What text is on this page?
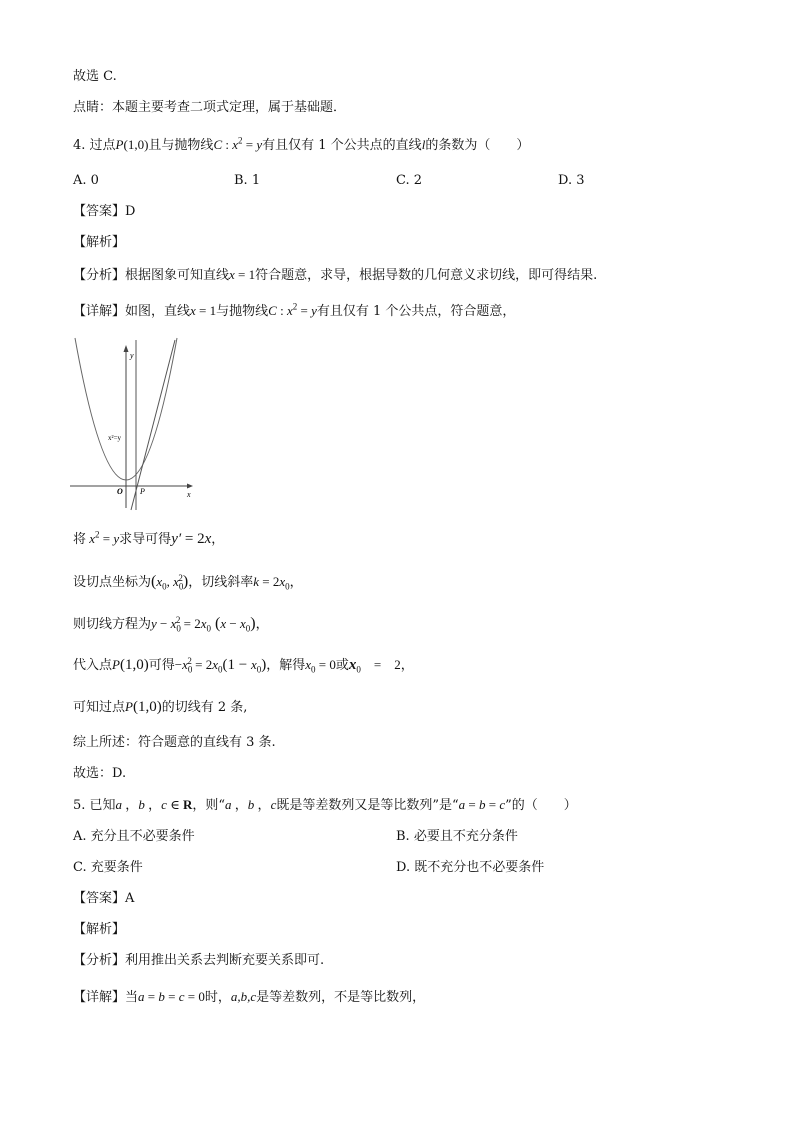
故选 C.
点睛：本题主要考查二项式定理，属于基础题．
4. 过点P(1,0)且与抛物线C : $x^2 = y$有且仅有 1 个公共点的直线l的条数为（　　）
A. 0	B. 1	C. 2	D. 3
【答案】D
【解析】
【分析】根据图象可知直线x = 1符合题意，求导，根据导数的几何意义求切线，即可得结果.
【详解】如图，直线x = 1与抛物线C : $x^2 = y$有且仅有 1 个公共点，符合题意，
y
x
O P
x²=y
将 $x^2 = y$求导可得y′ = 2x，
设切点坐标为($x_0$, $x_0^2$)，切线斜率$k = 2x_0$，
则切线方程为$y - x_0^2 = 2x_0$ $(x - x_0)$，
代入点P(1,0)可得$-x_0^2 = 2x_0(1 - x_0)$，解得$x_0 = 0$或$x_0$　=　2，
可知过点P(1,0)的切线有 2 条,
综上所述：符合题意的直线有 3 条.
故选：D.
5. 已知a ，b ，c ∈ R，则“a ，b ，c既是等差数列又是等比数列”是“a = b = c”的（　　）
A. 充分且不必要条件	B. 必要且不充分条件
C. 充要条件	D. 既不充分也不必要条件
【答案】A
【解析】
【分析】利用推出关系去判断充要关系即可.
【详解】当a = b = c = 0时，a,b,c是等差数列，不是等比数列，
